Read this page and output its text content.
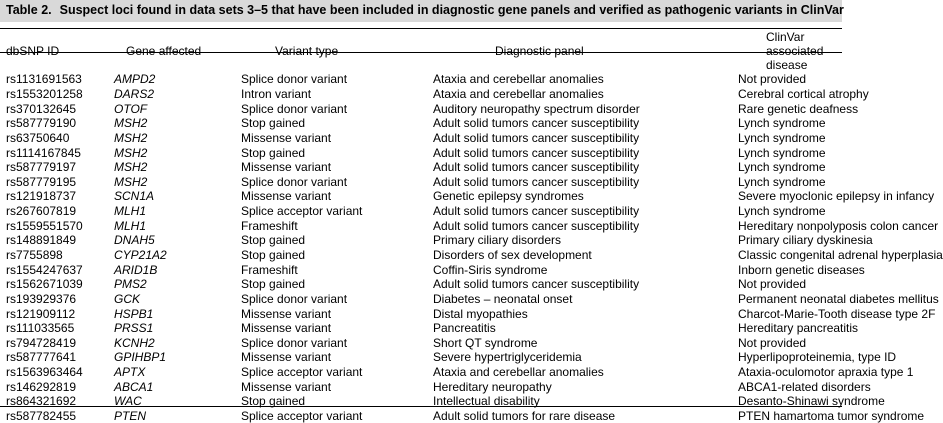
Table 2. Suspect loci found in data sets 3–5 that have been included in diagnostic gene panels and verified as pathogenic variants in ClinVar
dbSNP ID	Gene affected	Variant type	Diagnostic panel	ClinVar associated disease
rs1131691563	AMPD2	Splice donor variant	Ataxia and cerebellar anomalies	Not provided
rs1553201258	DARS2	Intron variant	Ataxia and cerebellar anomalies	Cerebral cortical atrophy
rs370132645	OTOF	Splice donor variant	Auditory neuropathy spectrum disorder	Rare genetic deafness
rs587779190	MSH2	Stop gained	Adult solid tumors cancer susceptibility	Lynch syndrome
rs63750640	MSH2	Missense variant	Adult solid tumors cancer susceptibility	Lynch syndrome
rs1114167845	MSH2	Stop gained	Adult solid tumors cancer susceptibility	Lynch syndrome
rs587779197	MSH2	Missense variant	Adult solid tumors cancer susceptibility	Lynch syndrome
rs587779195	MSH2	Splice donor variant	Adult solid tumors cancer susceptibility	Lynch syndrome
rs121918737	SCN1A	Missense variant	Genetic epilepsy syndromes	Severe myoclonic epilepsy in infancy
rs267607819	MLH1	Splice acceptor variant	Adult solid tumors cancer susceptibility	Lynch syndrome
rs1559551570	MLH1	Frameshift	Adult solid tumors cancer susceptibility	Hereditary nonpolyposis colon cancer
rs148891849	DNAH5	Stop gained	Primary ciliary disorders	Primary ciliary dyskinesia
rs7755898	CYP21A2	Stop gained	Disorders of sex development	Classic congenital adrenal hyperplasia
rs1554247637	ARID1B	Frameshift	Coffin-Siris syndrome	Inborn genetic diseases
rs1562671039	PMS2	Stop gained	Adult solid tumors cancer susceptibility	Not provided
rs193929376	GCK	Splice donor variant	Diabetes – neonatal onset	Permanent neonatal diabetes mellitus
rs121909112	HSPB1	Missense variant	Distal myopathies	Charcot-Marie-Tooth disease type 2F
rs111033565	PRSS1	Missense variant	Pancreatitis	Hereditary pancreatitis
rs794728419	KCNH2	Splice donor variant	Short QT syndrome	Not provided
rs587777641	GPIHBP1	Missense variant	Severe hypertriglyceridemia	Hyperlipoproteinemia, type ID
rs1563963464	APTX	Splice acceptor variant	Ataxia and cerebellar anomalies	Ataxia-oculomotor apraxia type 1
rs146292819	ABCA1	Missense variant	Hereditary neuropathy	ABCA1-related disorders
rs864321692	WAC	Stop gained	Intellectual disability	Desanto-Shinawi syndrome
rs587782455	PTEN	Splice acceptor variant	Adult solid tumors for rare disease	PTEN hamartoma tumor syndrome
